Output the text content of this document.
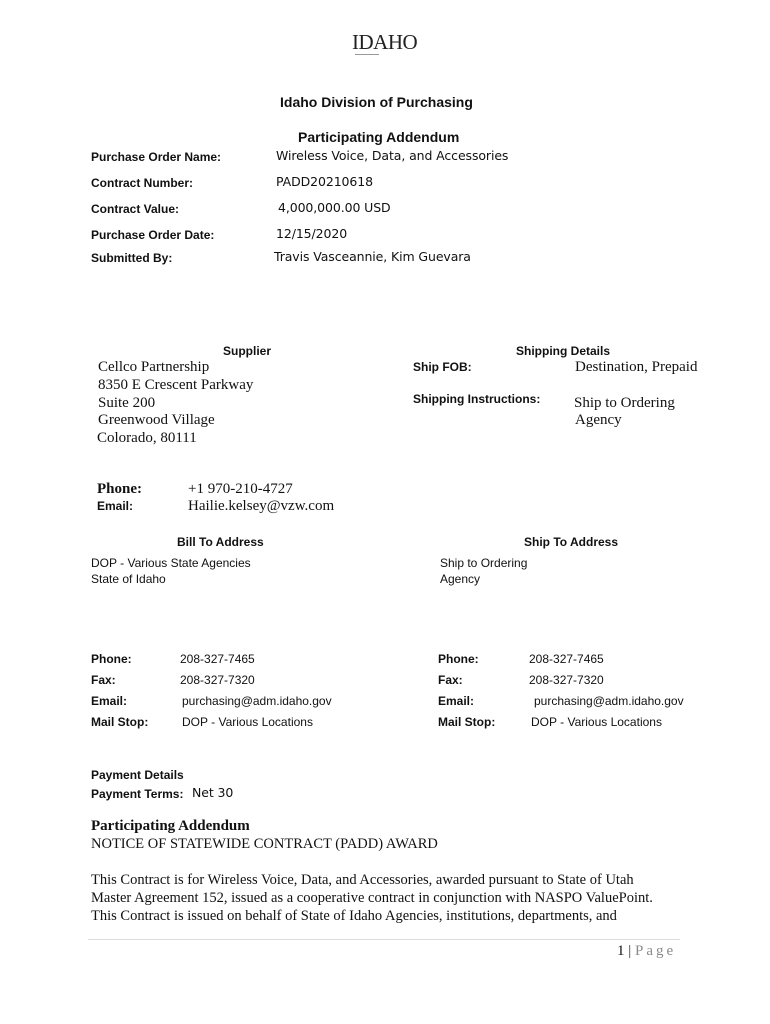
IDAHO
Idaho Division of Purchasing
Participating Addendum
Purchase Order Name:	Wireless Voice, Data, and Accessories
Contract Number:	PADD20210618
Contract Value:	4,000,000.00 USD
Purchase Order Date:	12/15/2020
Submitted By:	Travis Vasceannie, Kim Guevara
Supplier
Cellco Partnership
8350 E Crescent Parkway
Suite 200
Greenwood Village
Colorado, 80111
Phone:	+1 970-210-4727
Email:	Hailie.kelsey@vzw.com
Shipping Details
Ship FOB:	Destination, Prepaid
Shipping Instructions: Ship to Ordering
Agency
Bill To Address
DOP - Various State Agencies
State of Idaho
Phone:	208-327-7465
Fax:	208-327-7320
Email:	purchasing@adm.idaho.gov
Mail Stop:	DOP - Various Locations
Ship To Address
Ship to Ordering
Agency
Phone:	208-327-7465
Fax:	208-327-7320
Email:	purchasing@adm.idaho.gov
Mail Stop:	DOP - Various Locations
Payment Details
Payment Terms: Net 30
Participating Addendum
NOTICE OF STATEWIDE CONTRACT (PADD) AWARD
This Contract is for Wireless Voice, Data, and Accessories, awarded pursuant to State of Utah
Master Agreement 152, issued as a cooperative contract in conjunction with NASPO ValuePoint.
This Contract is issued on behalf of State of Idaho Agencies, institutions, departments, and
1 | Page
